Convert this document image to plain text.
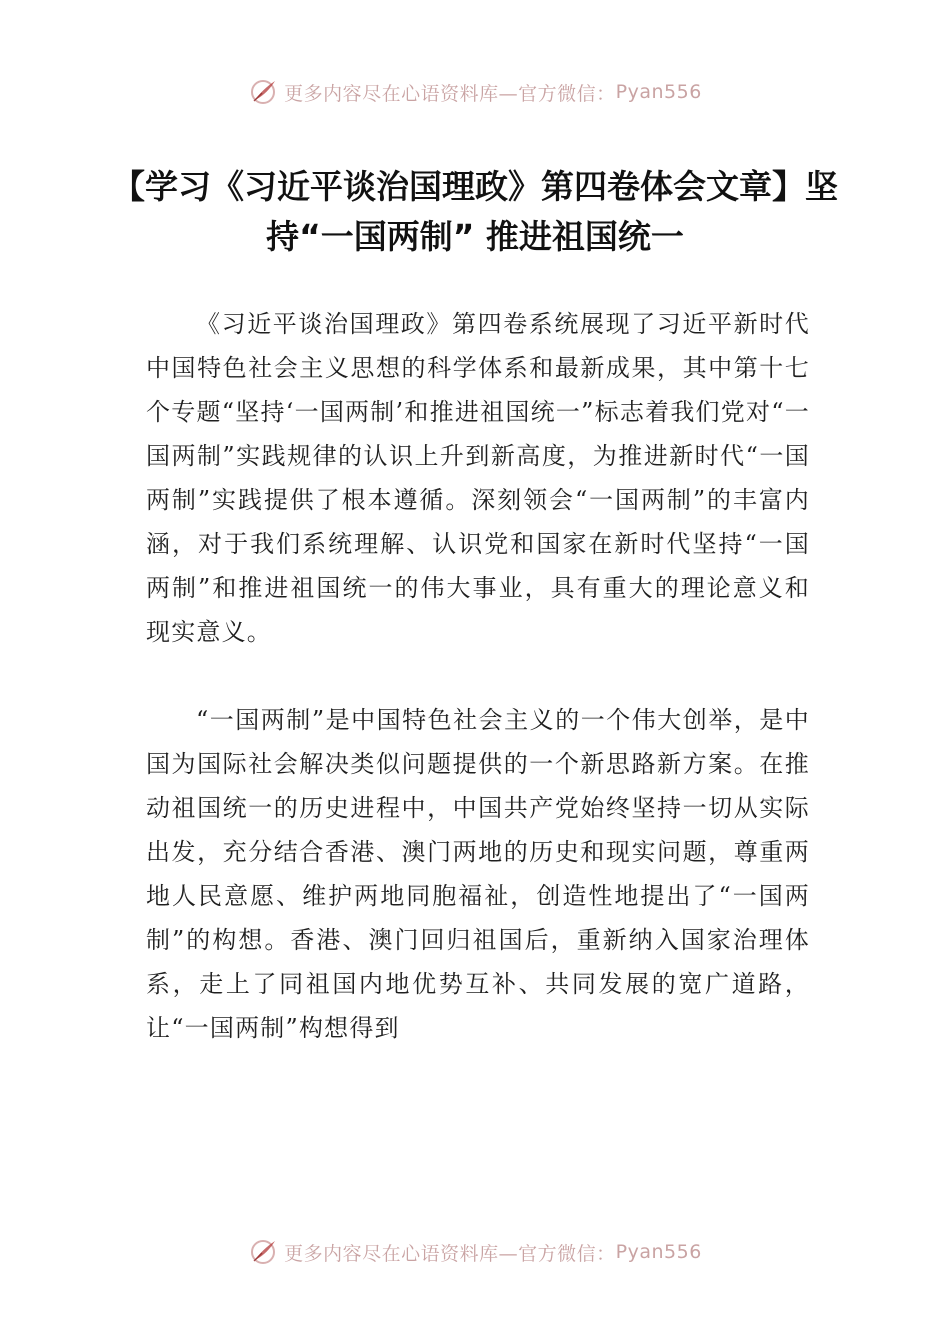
更多内容尽在心语资料库—官方微信： Pyan556
【学习《习近平谈治国理政》第四卷体会文章】坚持“一国两制” 推进祖国统一

《习近平谈治国理政》第四卷系统展现了习近平新时代中国特色社会主义思想的科学体系和最新成果，其中第十七个专题“坚持‘一国两制’和推进祖国统一”标志着我们党对“一国两制”实践规律的认识上升到新高度，为推进新时代“一国两制”实践提供了根本遵循。深刻领会“一国两制”的丰富内涵，对于我们系统理解、认识党和国家在新时代坚持“一国两制”和推进祖国统一的伟大事业，具有重大的理论意义和现实意义。

“一国两制”是中国特色社会主义的一个伟大创举，是中国为国际社会解决类似问题提供的一个新思路新方案。在推动祖国统一的历史进程中，中国共产党始终坚持一切从实际出发，充分结合香港、澳门两地的历史和现实问题，尊重两地人民意愿、维护两地同胞福祉，创造性地提出了“一国两制”的构想。香港、澳门回归祖国后，重新纳入国家治理体系，走上了同祖国内地优势互补、共同发展的宽广道路，让“一国两制”构想得到

更多内容尽在心语资料库—官方微信： Pyan556
